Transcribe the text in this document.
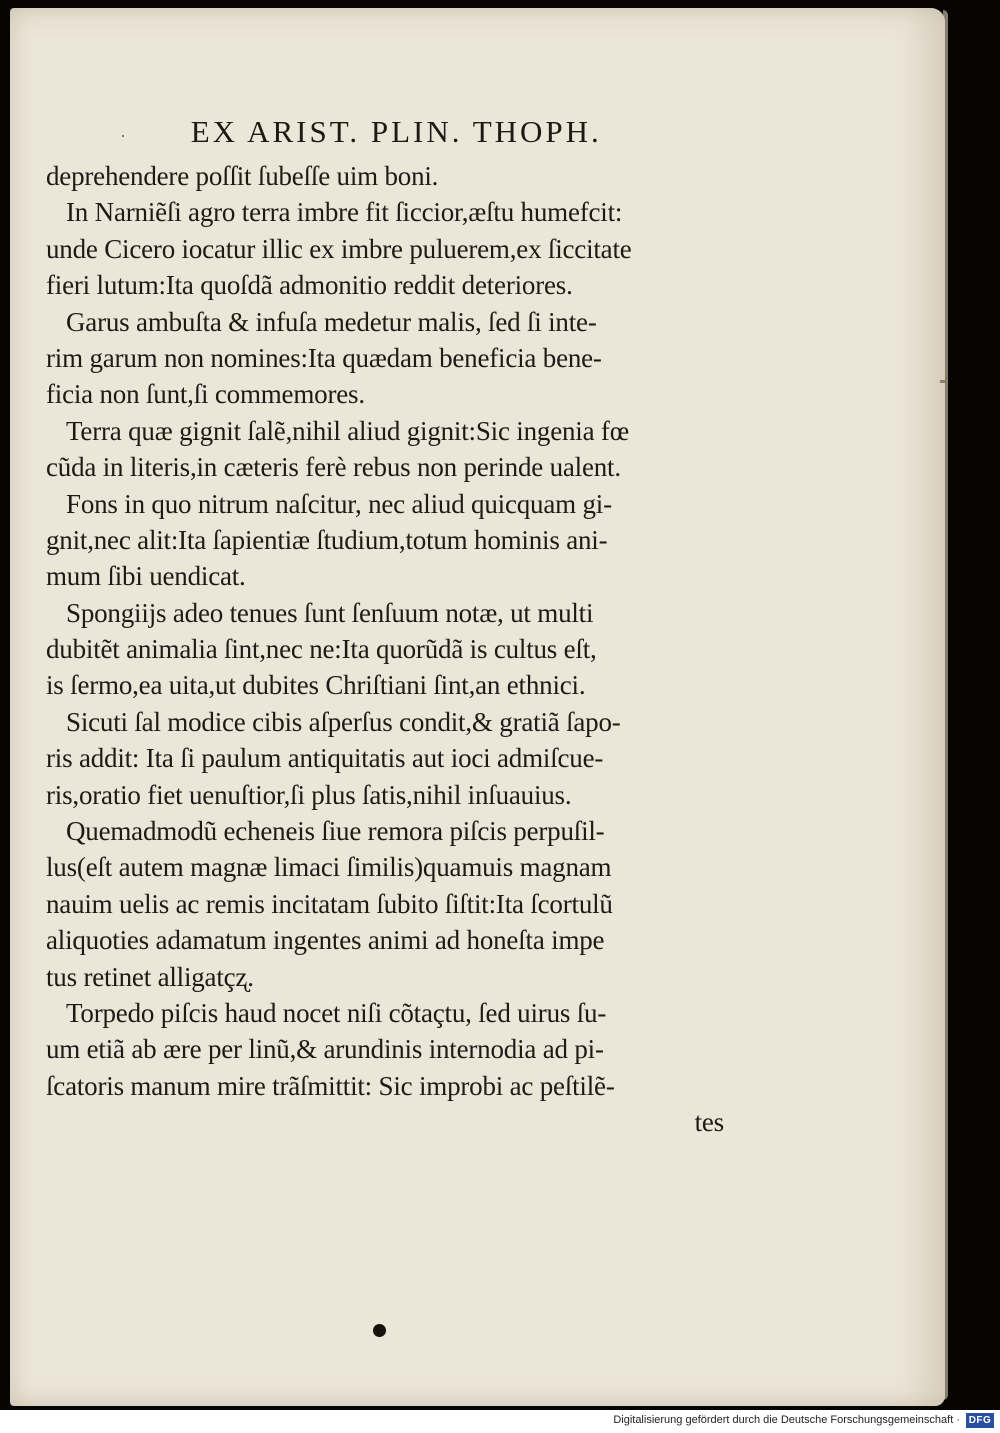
· EX ARIST. PLIN. THOPH.
deprehendere poſſit ſubeſſe uim boni.
In Narniẽſi agro terra imbre fit ſiccior,æſtu humefcit:
unde Cicero iocatur illic ex imbre puluerem,ex ſiccitate
fieri lutum:Ita quoſdã admonitio reddit deteriores.
Garus ambuſta & infuſa medetur malis, ſed ſi inte-
rim garum non nomines:Ita quædam beneficia bene-
ficia non ſunt,ſi commemores.
Terra quæ gignit ſalẽ,nihil aliud gignit:Sic ingenia fœ
cũda in literis,in cæteris ferè rebus non perinde ualent.
Fons in quo nitrum naſcitur, nec aliud quicquam gi-
gnit,nec alit:Ita ſapientiæ ſtudium,totum hominis ani-
mum ſibi uendicat.
Spongiĳs adeo tenues ſunt ſenſuum notæ, ut multi
dubitẽt animalia ſint,nec ne:Ita quorũdã is cultus eſt,
is ſermo,ea uita,ut dubites Chriſtiani ſint,an ethnici.
Sicuti ſal modice cibis aſperſus condit,& gratiã ſapo-
ris addit: Ita ſi paulum antiquitatis aut ioci admiſcue-
ris,oratio fiet uenuſtior,ſi plus ſatis,nihil inſuauius.
Quemadmodũ echeneis ſiue remora piſcis perpuſil-
lus(eſt autem magnæ limaci ſimilis)quamuis magnam
nauim uelis ac remis incitatam ſubito ſiſtit:Ita ſcortulũ
aliquoties adamatum ingentes animi ad honeſta impe
tus retinet alligatçʐ.
Torpedo piſcis haud nocet niſi cõtaçtu, ſed uirus ſu-
um etiã ab ære per linũ,& arundinis internodia ad pi-
ſcatoris manum mire trãſmittit: Sic improbi ac peſtilẽ-
tes
Digitalisierung gefördert durch die Deutsche Forschungsgemeinschaft · DFG
